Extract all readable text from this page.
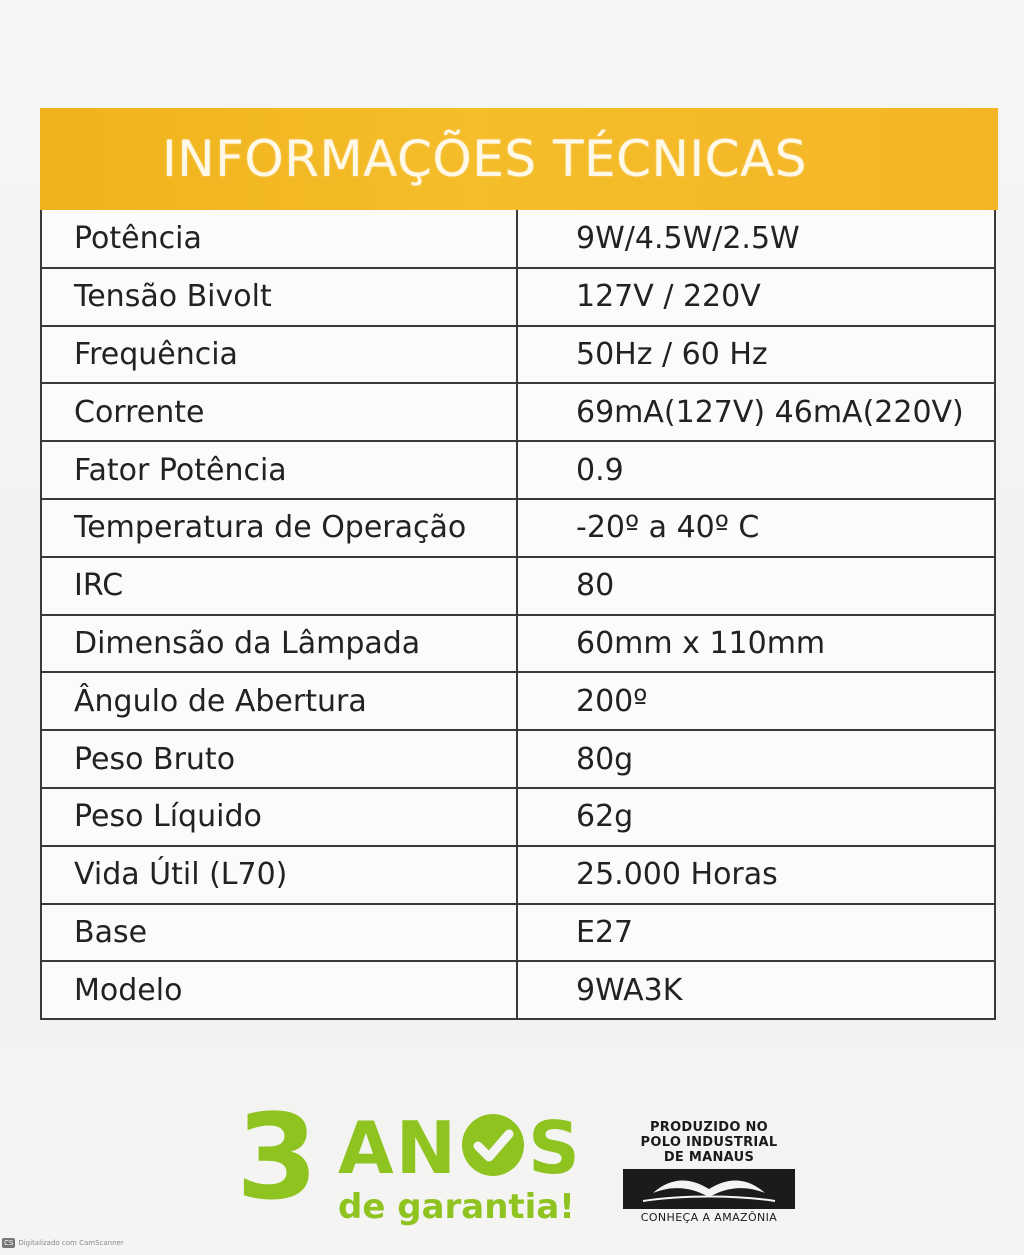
INFORMAÇÕES TÉCNICAS
Potência	9W/4.5W/2.5W
Tensão Bivolt	127V / 220V
Frequência	50Hz / 60 Hz
Corrente	69mA(127V) 46mA(220V)
Fator Potência	0.9
Temperatura de Operação	-20º a 40º C
IRC	80
Dimensão da Lâmpada	60mm x 110mm
Ângulo de Abertura	200º
Peso Bruto	80g
Peso Líquido	62g
Vida Útil (L70)	25.000 Horas
Base	E27
Modelo	9WA3K
3 AN S
de garantia!
PRODUZIDO NO
POLO INDUSTRIAL
DE MANAUS
CONHEÇA A AMAZÔNIA
CS Digitalizado com CamScanner
